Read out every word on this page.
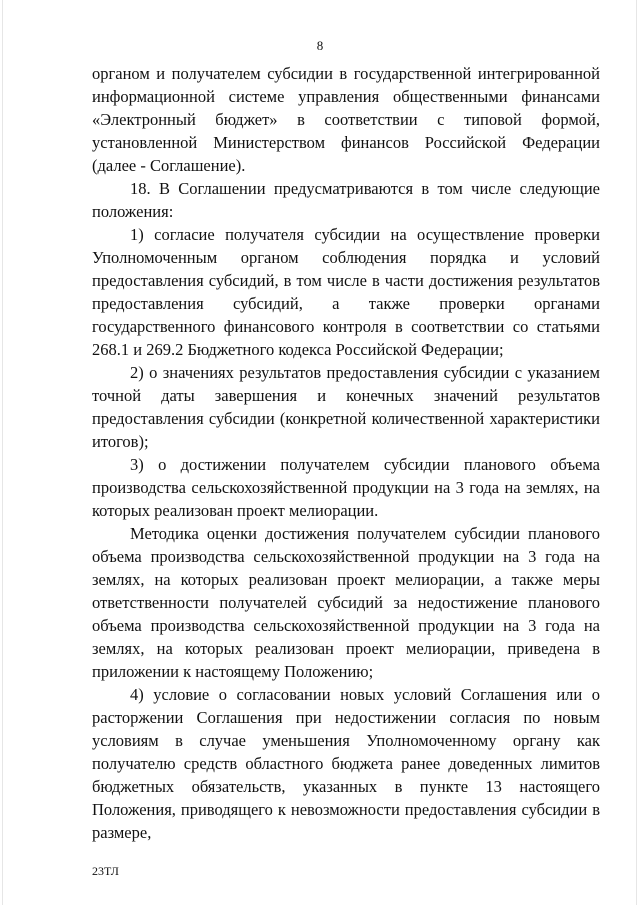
8

органом и получателем субсидии в государственной интегрированной информационной системе управления общественными финансами «Электронный бюджет» в соответствии с типовой формой, установленной Министерством финансов Российской Федерации (далее - Соглашение).

18. В Соглашении предусматриваются в том числе следующие положения:

1) согласие получателя субсидии на осуществление проверки Уполномоченным органом соблюдения порядка и условий предоставления субсидий, в том числе в части достижения результатов предоставления субсидий, а также проверки органами государственного финансового контроля в соответствии со статьями 268.1 и 269.2 Бюджетного кодекса Российской Федерации;

2) о значениях результатов предоставления субсидии с указанием точной даты завершения и конечных значений результатов предоставления субсидии (конкретной количественной характеристики итогов);

3) о достижении получателем субсидии планового объема производства сельскохозяйственной продукции на 3 года на землях, на которых реализован проект мелиорации.

Методика оценки достижения получателем субсидии планового объема производства сельскохозяйственной продукции на 3 года на землях, на которых реализован проект мелиорации, а также меры ответственности получателей субсидий за недостижение планового объема производства сельскохозяйственной продукции на 3 года на землях, на которых реализован проект мелиорации, приведена в приложении к настоящему Положению;

4) условие о согласовании новых условий Соглашения или о расторжении Соглашения при недостижении согласия по новым условиям в случае уменьшения Уполномоченному органу как получателю средств областного бюджета ранее доведенных лимитов бюджетных обязательств, указанных в пункте 13 настоящего Положения, приводящего к невозможности предоставления субсидии в размере,

23ТЛ
